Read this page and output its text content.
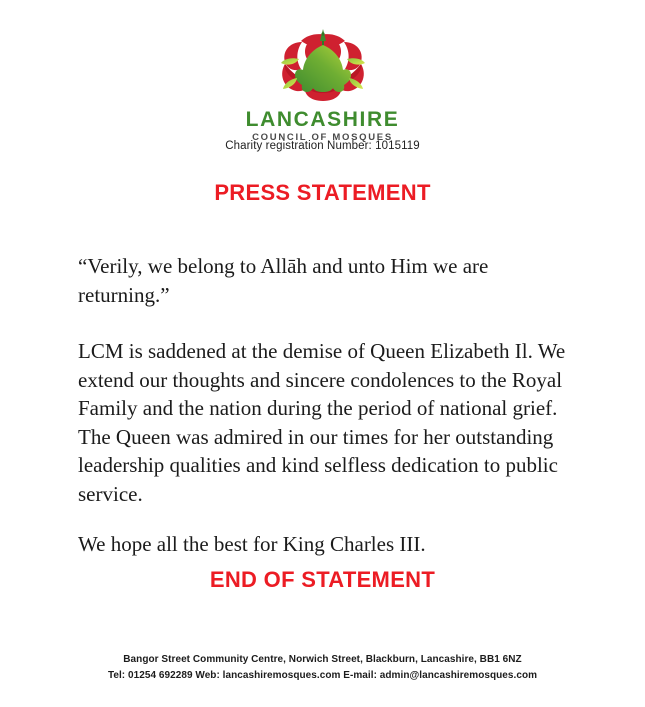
LANCASHIRE
COUNCIL OF MOSQUES
Charity registration Number: 1015119
PRESS STATEMENT

“Verily, we belong to Allāh and unto Him we are returning.”

LCM is saddened at the demise of Queen Elizabeth Il. We extend our thoughts and sincere condolences to the Royal Family and the nation during the period of national grief. The Queen was admired in our times for her outstanding leadership qualities and kind selfless dedication to public service.

We hope all the best for King Charles III.

END OF STATEMENT
Bangor Street Community Centre, Norwich Street, Blackburn, Lancashire, BB1 6NZ
Tel: 01254 692289 Web: lancashiremosques.com E-mail: admin@lancashiremosques.com
